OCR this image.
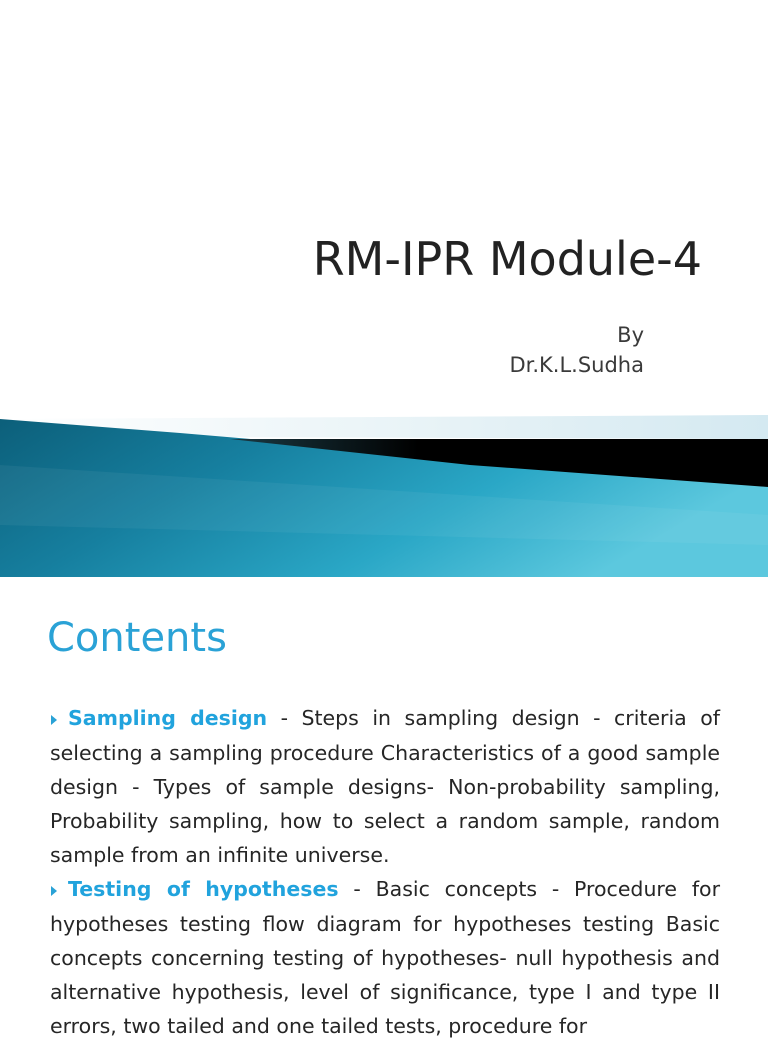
RM-IPR Module-4
By
Dr.K.L.Sudha
Contents

Sampling design - Steps in sampling design - criteria of selecting a sampling procedure Characteristics of a good sample design - Types of sample designs- Non-probability sampling, Probability sampling, how to select a random sample, random sample from an infinite universe.

Testing of hypotheses - Basic concepts - Procedure for hypotheses testing flow diagram for hypotheses testing Basic concepts concerning testing of hypotheses- null hypothesis and alternative hypothesis, level of significance, type I and type II errors, two tailed and one tailed tests, procedure for
